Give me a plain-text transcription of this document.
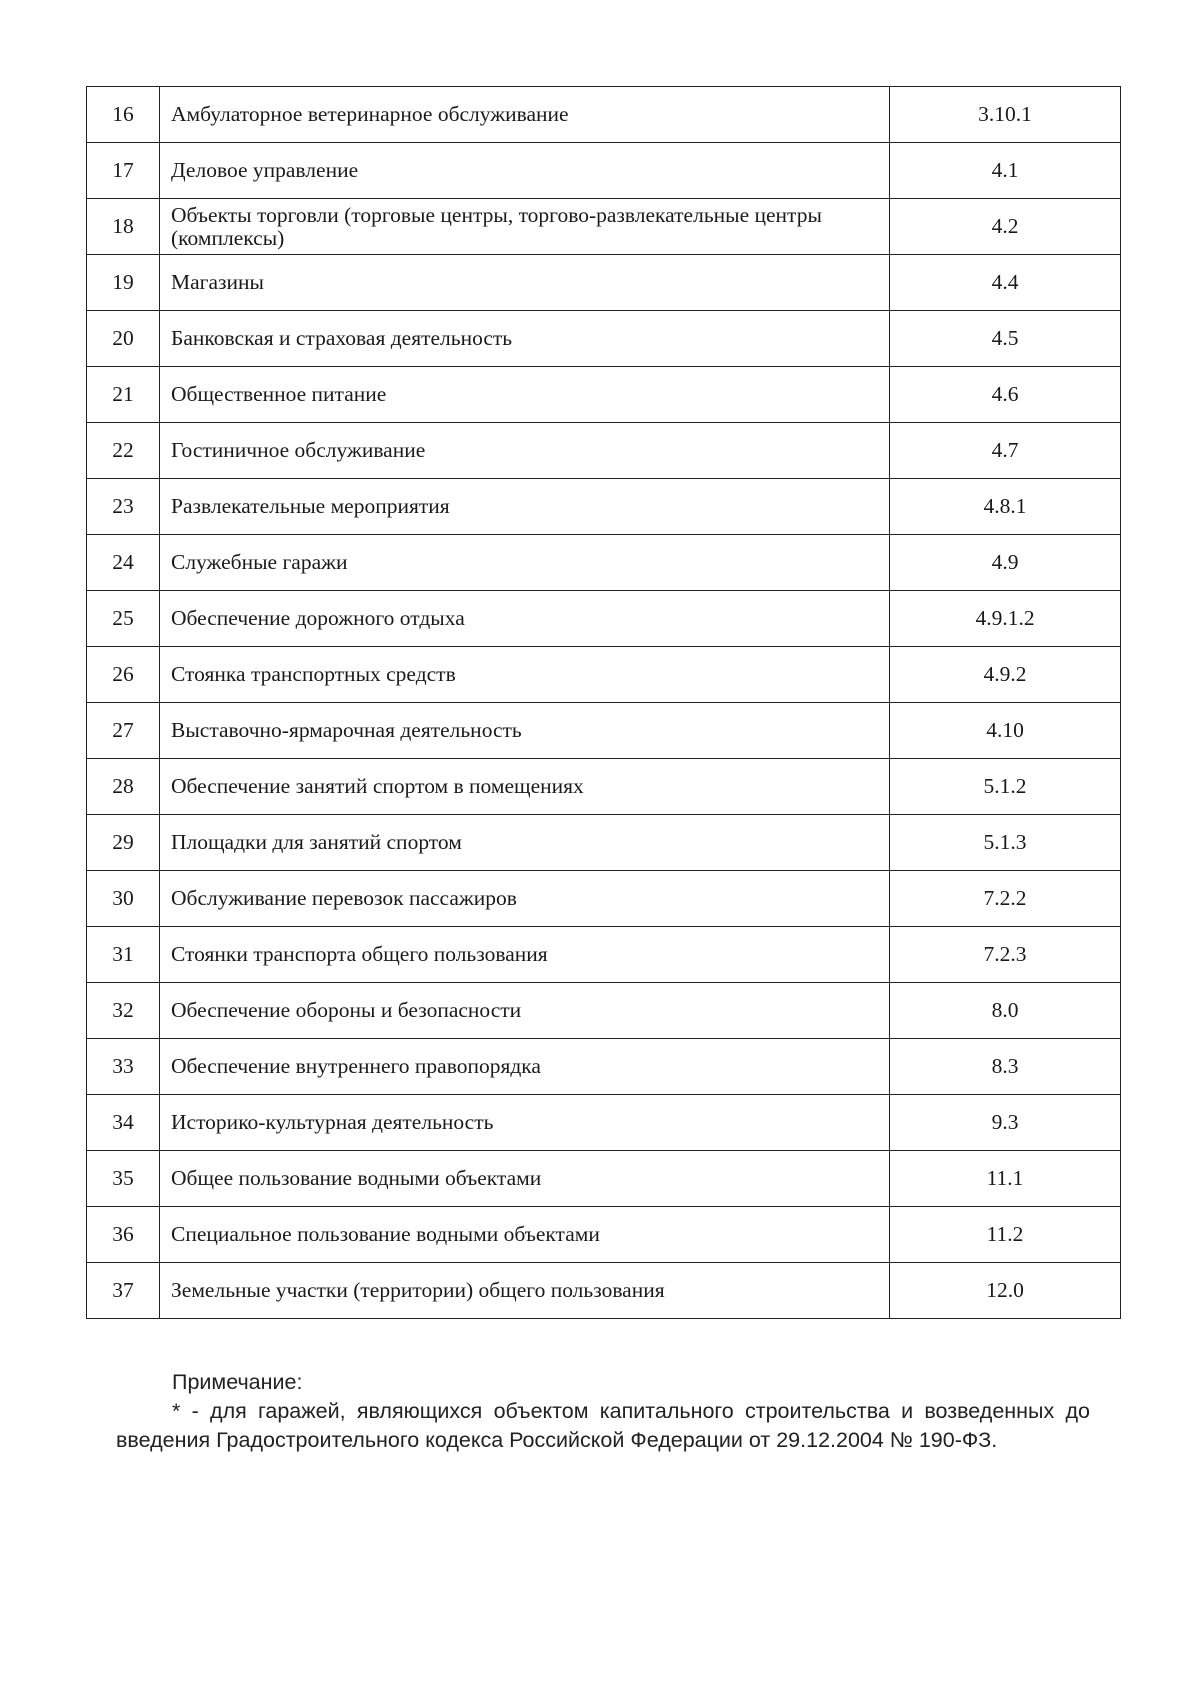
16	Амбулаторное ветеринарное обслуживание	3.10.1
17	Деловое управление	4.1
18	Объекты торговли (торговые центры, торгово-развлекательные центры (комплексы)	4.2
19	Магазины	4.4
20	Банковская и страховая деятельность	4.5
21	Общественное питание	4.6
22	Гостиничное обслуживание	4.7
23	Развлекательные мероприятия	4.8.1
24	Служебные гаражи	4.9
25	Обеспечение дорожного отдыха	4.9.1.2
26	Стоянка транспортных средств	4.9.2
27	Выставочно-ярмарочная деятельность	4.10
28	Обеспечение занятий спортом в помещениях	5.1.2
29	Площадки для занятий спортом	5.1.3
30	Обслуживание перевозок пассажиров	7.2.2
31	Стоянки транспорта общего пользования	7.2.3
32	Обеспечение обороны и безопасности	8.0
33	Обеспечение внутреннего правопорядка	8.3
34	Историко-культурная деятельность	9.3
35	Общее пользование водными объектами	11.1
36	Специальное пользование водными объектами	11.2
37	Земельные участки (территории) общего пользования	12.0
Примечание:
* - для гаражей, являющихся объектом капитального строительства и возведенных до введения Градостроительного кодекса Российской Федерации от 29.12.2004 № 190-ФЗ.
